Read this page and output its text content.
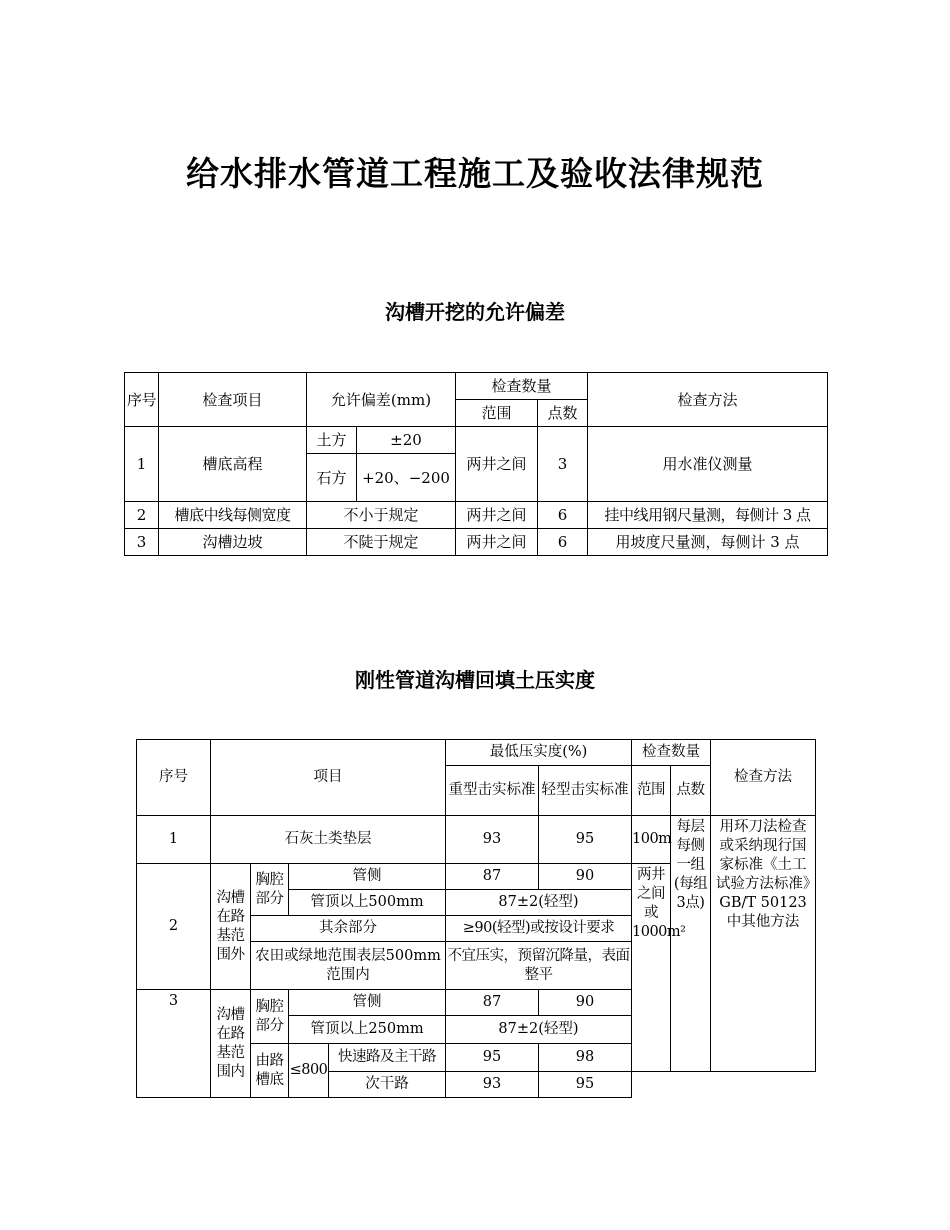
给水排水管道工程施工及验收法律规范
沟槽开挖的允许偏差
序号	检查项目	允许偏差(mm)		检查数量		检查方法
				范围	点数	
1	槽底高程	土方	±20	两井之间	3	用水准仪测量
		石方	+20、−200			
2	槽底中线每侧宽度	不小于规定		两井之间	6	挂中线用钢尺量测，每侧计 3 点
3	沟槽边坡	不陡于规定		两井之间	6	用坡度尺量测，每侧计 3 点
刚性管道沟槽回填土压实度
序号	项目				最低压实度(%)		检查数量		检查方法
					重型击实标准	轻型击实标准	范围	点数	
1	石灰土类垫层				93	95	100m	每层每侧一组(每组3点)	用环刀法检查或采纳现行国家标准《土工试验方法标准》GB/T 50123中其他方法
2	沟槽在路基范围外	胸腔部分	管侧		87	90	两井之间或1000m²		
			管顶以上500mm		87±2(轻型)				
		其余部分			≥90(轻型)或按设计要求				
		农田或绿地范围表层500mm范围内			不宜压实，预留沉降量，表面整平				
3	沟槽在路基范围内	胸腔部分	管侧		87	90			
			管顶以上250mm		87±2(轻型)				
		由路槽底	≤800	快速路及主干路	95	98			
				次干路	93	95			
